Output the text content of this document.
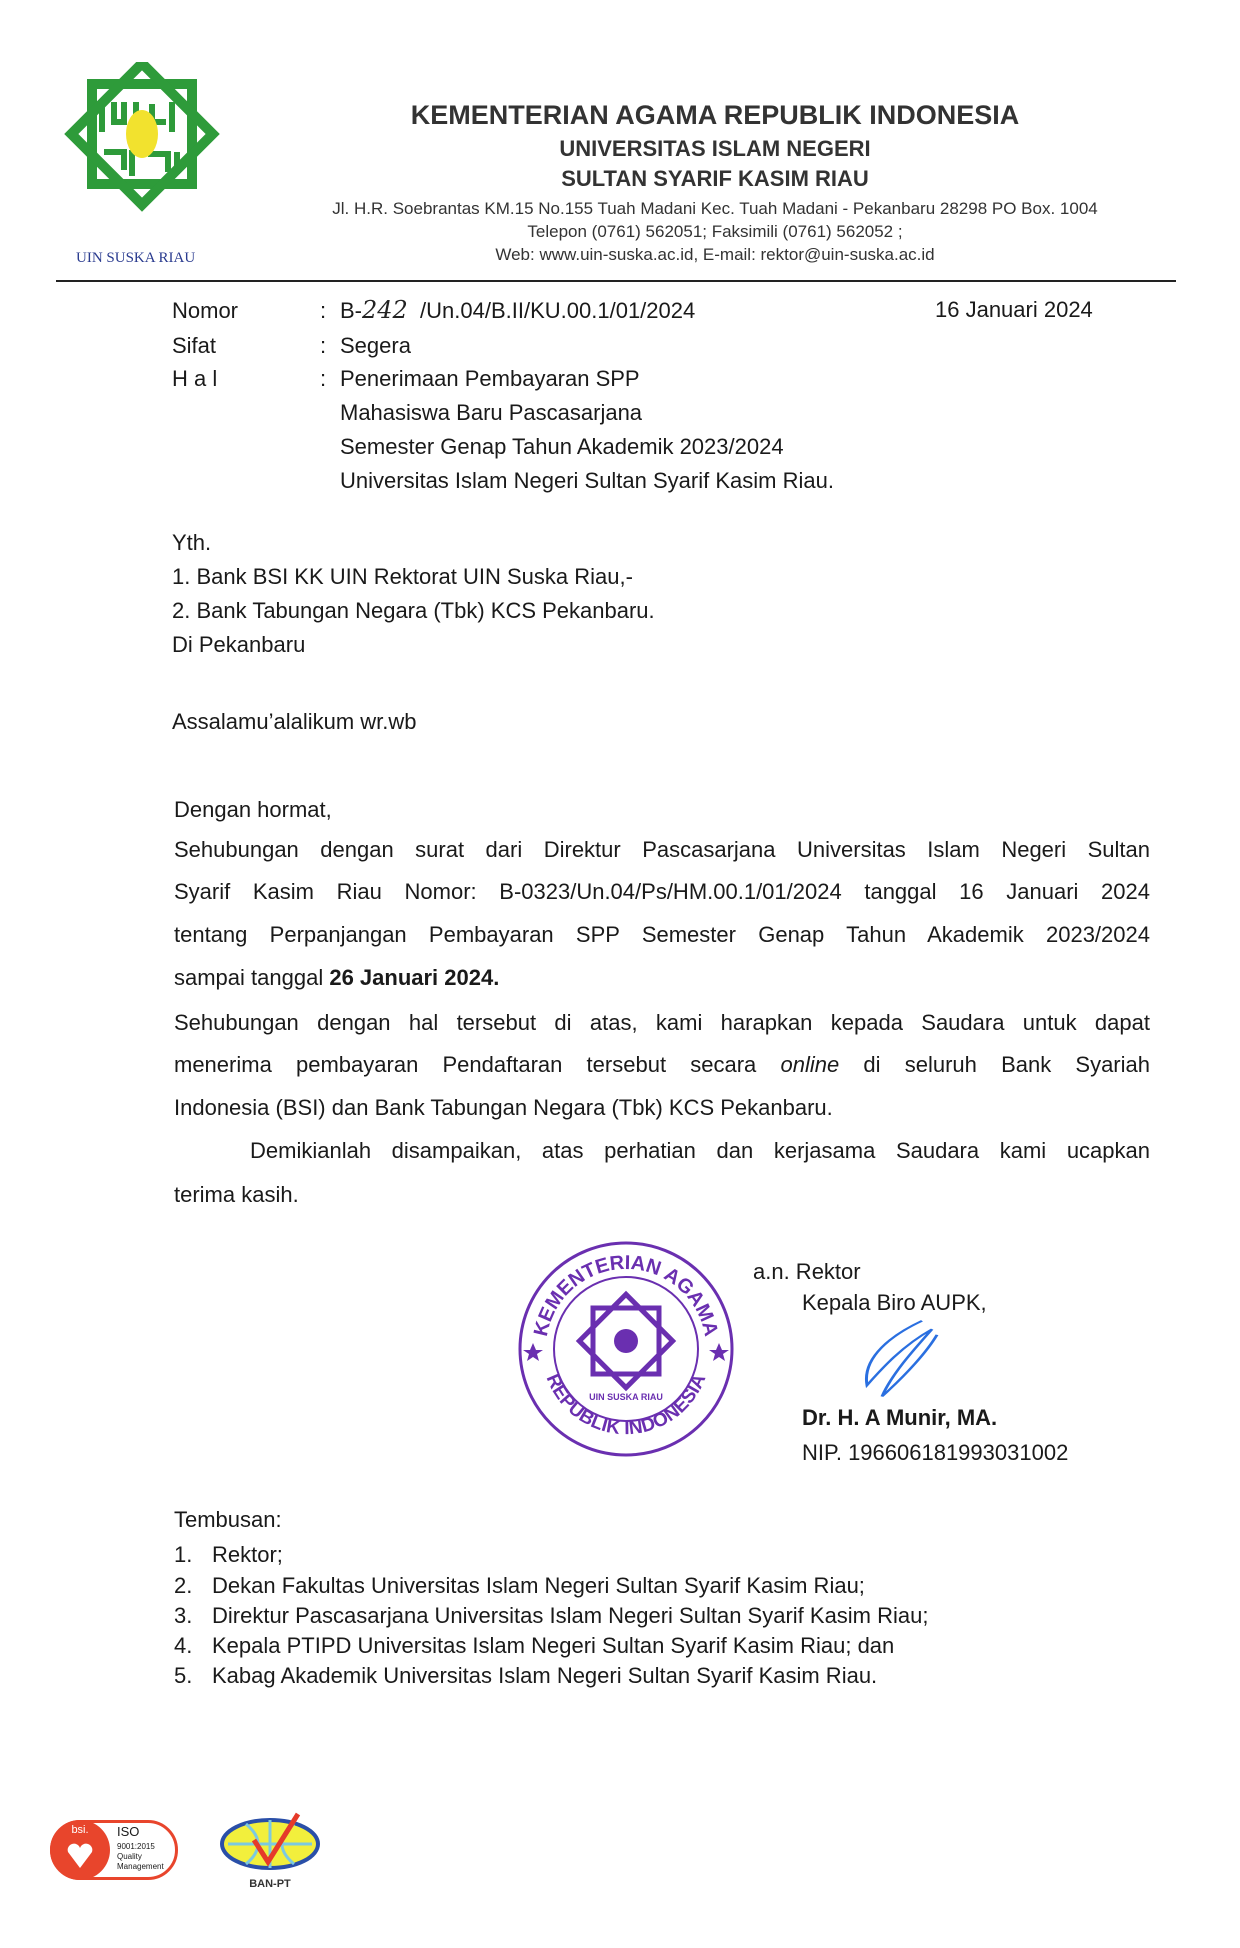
UIN SUSKA RIAU
KEMENTERIAN AGAMA REPUBLIK INDONESIA
UNIVERSITAS ISLAM NEGERI
SULTAN SYARIF KASIM RIAU
Jl. H.R. Soebrantas KM.15 No.155 Tuah Madani Kec. Tuah Madani - Pekanbaru 28298 PO Box. 1004
Telepon (0761) 562051; Faksimili (0761) 562052 ;
Web: www.uin-suska.ac.id, E-mail: rektor@uin-suska.ac.id
Nomor	: B-242 /Un.04/B.II/KU.00.1/01/2024	16 Januari 2024
Sifat	: Segera
H a l	: Penerimaan Pembayaran SPP
Mahasiswa Baru Pascasarjana
Semester Genap Tahun Akademik 2023/2024
Universitas Islam Negeri Sultan Syarif Kasim Riau.
Yth.
1. Bank BSI KK UIN Rektorat UIN Suska Riau,-
2. Bank Tabungan Negara (Tbk) KCS Pekanbaru.
Di Pekanbaru
Assalamu’alalikum wr.wb
Dengan hormat,
Sehubungan dengan surat dari Direktur Pascasarjana Universitas Islam Negeri Sultan
Syarif Kasim Riau Nomor: B-0323/Un.04/Ps/HM.00.1/01/2024 tanggal 16 Januari 2024
tentang Perpanjangan Pembayaran SPP Semester Genap Tahun Akademik 2023/2024
sampai tanggal 26 Januari 2024.
Sehubungan dengan hal tersebut di atas, kami harapkan kepada Saudara untuk dapat
menerima pembayaran Pendaftaran tersebut secara online di seluruh Bank Syariah
Indonesia (BSI) dan Bank Tabungan Negara (Tbk) KCS Pekanbaru.
Demikianlah disampaikan, atas perhatian dan kerjasama Saudara kami ucapkan
terima kasih.
KEMENTERIAN AGAMA
REPUBLIK INDONESIA
UIN SUSKA RIAU
a.n. Rektor
Kepala Biro AUPK,
Dr. H. A Munir, MA.
NIP. 196606181993031002
Tembusan:
1. Rektor;
2. Dekan Fakultas Universitas Islam Negeri Sultan Syarif Kasim Riau;
3. Direktur Pascasarjana Universitas Islam Negeri Sultan Syarif Kasim Riau;
4. Kepala PTIPD Universitas Islam Negeri Sultan Syarif Kasim Riau; dan
5. Kabag Akademik Universitas Islam Negeri Sultan Syarif Kasim Riau.
bsi.	ISO
9001:2015
Quality
Management
BAN-PT
